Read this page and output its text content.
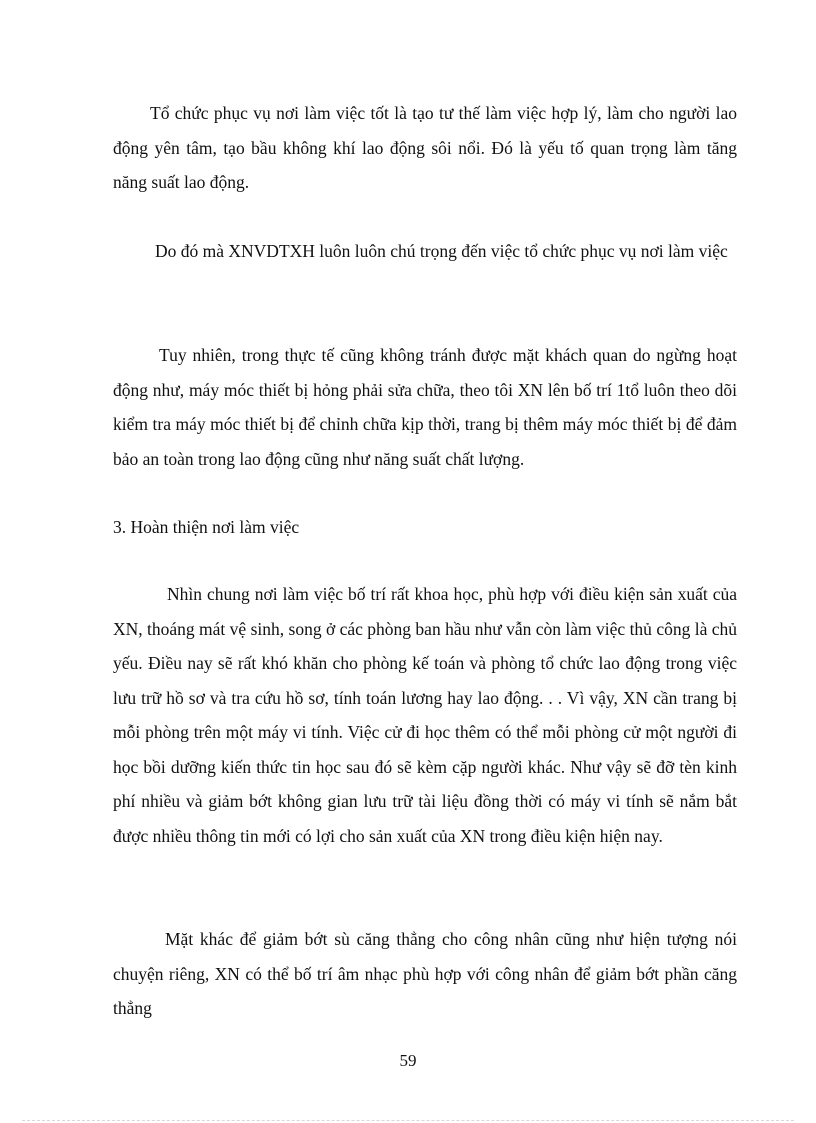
Tổ chức phục vụ nơi làm việc tốt là tạo tư thế làm việc hợp lý, làm cho người lao động yên tâm, tạo bầu không khí lao động sôi nổi. Đó là yếu tố quan trọng làm tăng năng suất lao động.

Do đó mà XNVDTXH luôn luôn chú trọng đến việc tổ chức phục vụ nơi làm việc

Tuy nhiên, trong thực tế cũng không tránh được mặt khách quan do ngừng hoạt động như, máy móc thiết bị hỏng phải sửa chữa, theo tôi XN lên bố trí 1tổ luôn theo dõi kiểm tra máy móc thiết bị để chỉnh chữa kịp thời, trang bị thêm máy móc thiết bị để đảm bảo an toàn trong lao động cũng như năng suất chất lượng.

3. Hoàn thiện nơi làm việc

Nhìn chung nơi làm việc bố trí rất khoa học, phù hợp với điều kiện sản xuất của XN, thoáng mát vệ sinh, song ở các phòng ban hầu như vẫn còn làm việc thủ công là chủ yếu. Điều nay sẽ rất khó khăn cho phòng kế toán và phòng tổ chức lao động trong việc lưu trữ hồ sơ và tra cứu hồ sơ, tính toán lương hay lao động. . . Vì vậy, XN cần trang bị mỗi phòng trên một máy vi tính. Việc cử đi học thêm có thể mỗi phòng cử một người đi học bồi dưỡng kiến thức tin học sau đó sẽ kèm cặp người khác. Như vậy sẽ đỡ tèn kinh phí nhiều và giảm bớt không gian lưu trữ tài liệu đồng thời có máy vi tính sẽ nắm bắt được nhiều thông tin mới có lợi cho sản xuất của XN trong điều kiện hiện nay.

Mặt khác để giảm bớt sù căng thẳng cho công nhân cũng như hiện tượng nói chuyện riêng, XN có thể bố trí âm nhạc phù hợp với công nhân để giảm bớt phần căng thẳng

59
